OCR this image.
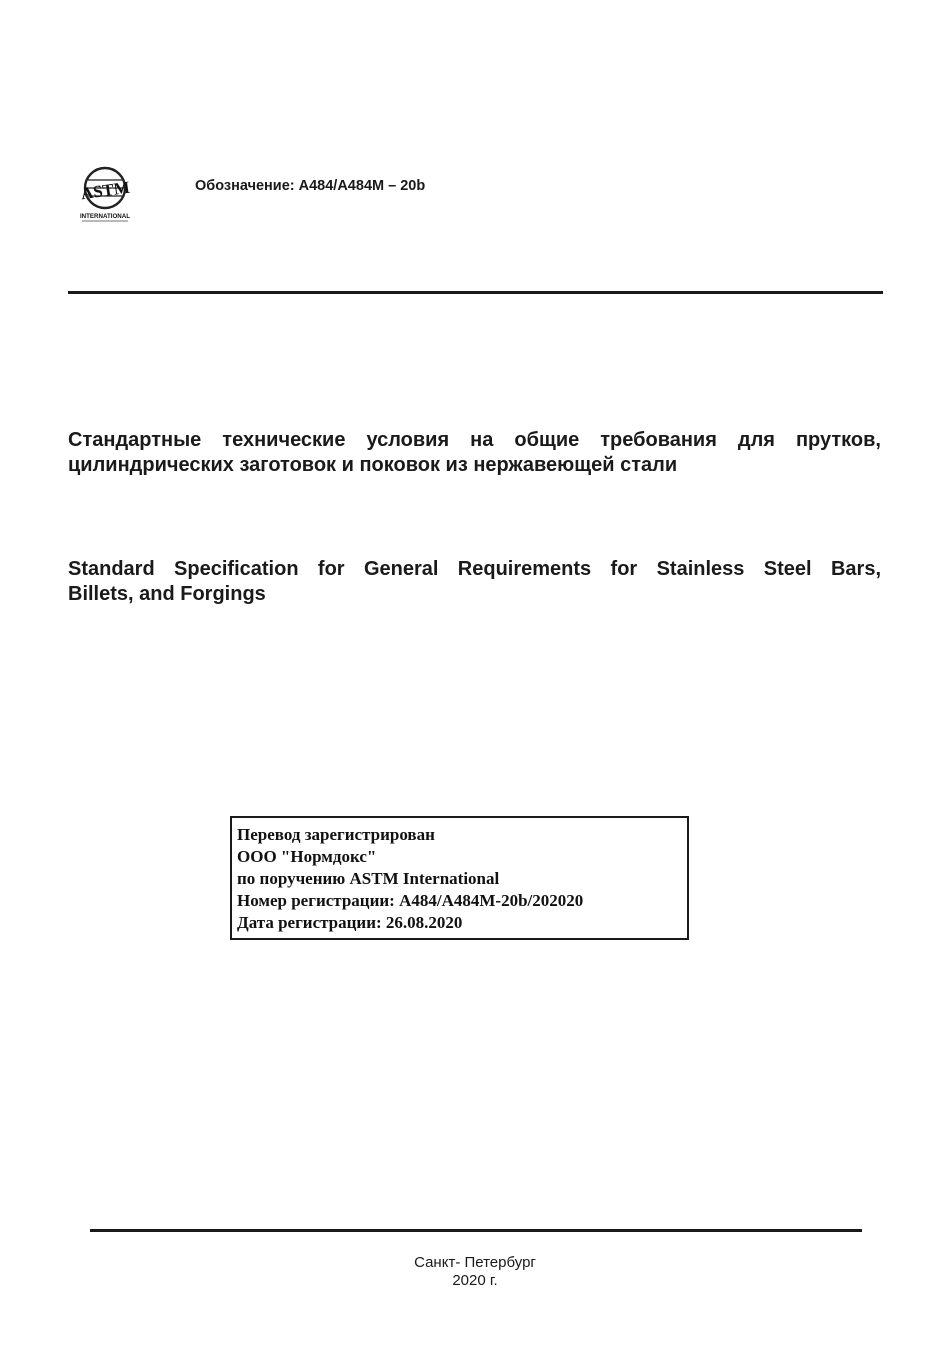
ASTM
INTERNATIONAL
Обозначение: A484/A484M – 20b
Стандартные технические условия на общие требования для прутков,
цилиндрических заготовок и поковок из нержавеющей стали
Standard Specification for General Requirements for Stainless Steel Bars,
Billets, and Forgings
Перевод зарегистрирован
ООО "Нормдокс"
по поручению ASTM International
Номер регистрации: A484/A484M-20b/202020
Дата регистрации: 26.08.2020
Санкт- Петербург
2020 г.
